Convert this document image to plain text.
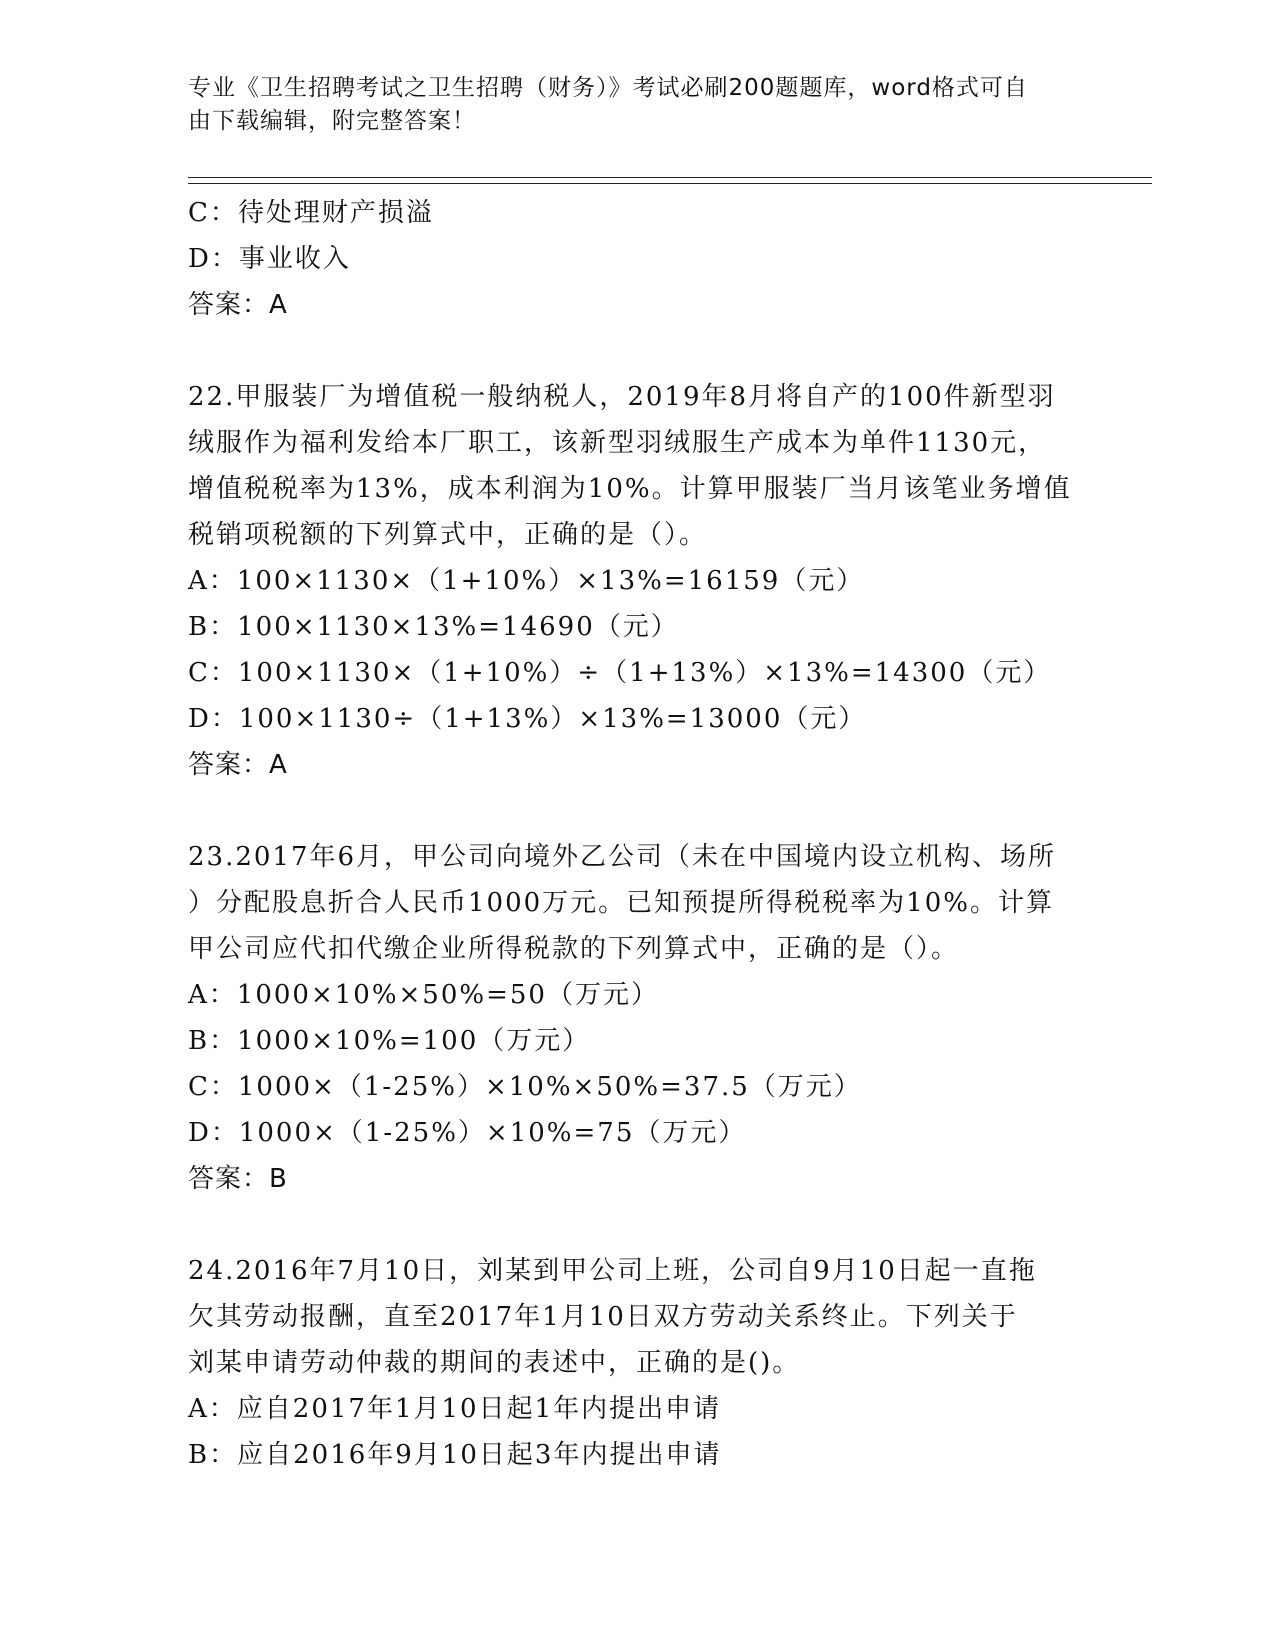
专业《卫生招聘考试之卫生招聘（财务）》考试必刷200题题库，word格式可自
由下载编辑，附完整答案！
C：待处理财产损溢
D：事业收入
答案：A
22.甲服装厂为增值税一般纳税人，2019年8月将自产的100件新型羽
绒服作为福利发给本厂职工，该新型羽绒服生产成本为单件1130元，
增值税税率为13%，成本利润为10%。计算甲服装厂当月该笔业务增值
税销项税额的下列算式中，正确的是（）。
A：100×1130×（1+10%）×13%=16159（元）
B：100×1130×13%=14690（元）
C：100×1130×（1+10%）÷（1+13%）×13%=14300（元）
D：100×1130÷（1+13%）×13%=13000（元）
答案：A
23.2017年6月，甲公司向境外乙公司（未在中国境内设立机构、场所
）分配股息折合人民币1000万元。已知预提所得税税率为10%。计算
甲公司应代扣代缴企业所得税款的下列算式中，正确的是（）。
A：1000×10%×50%=50（万元）
B：1000×10%=100（万元）
C：1000×（1-25%）×10%×50%=37.5（万元）
D：1000×（1-25%）×10%=75（万元）
答案：B
24.2016年7月10日，刘某到甲公司上班，公司自9月10日起一直拖
欠其劳动报酬，直至2017年1月10日双方劳动关系终止。下列关于
刘某申请劳动仲裁的期间的表述中，正确的是()。
A：应自2017年1月10日起1年内提出申请
B：应自2016年9月10日起3年内提出申请
